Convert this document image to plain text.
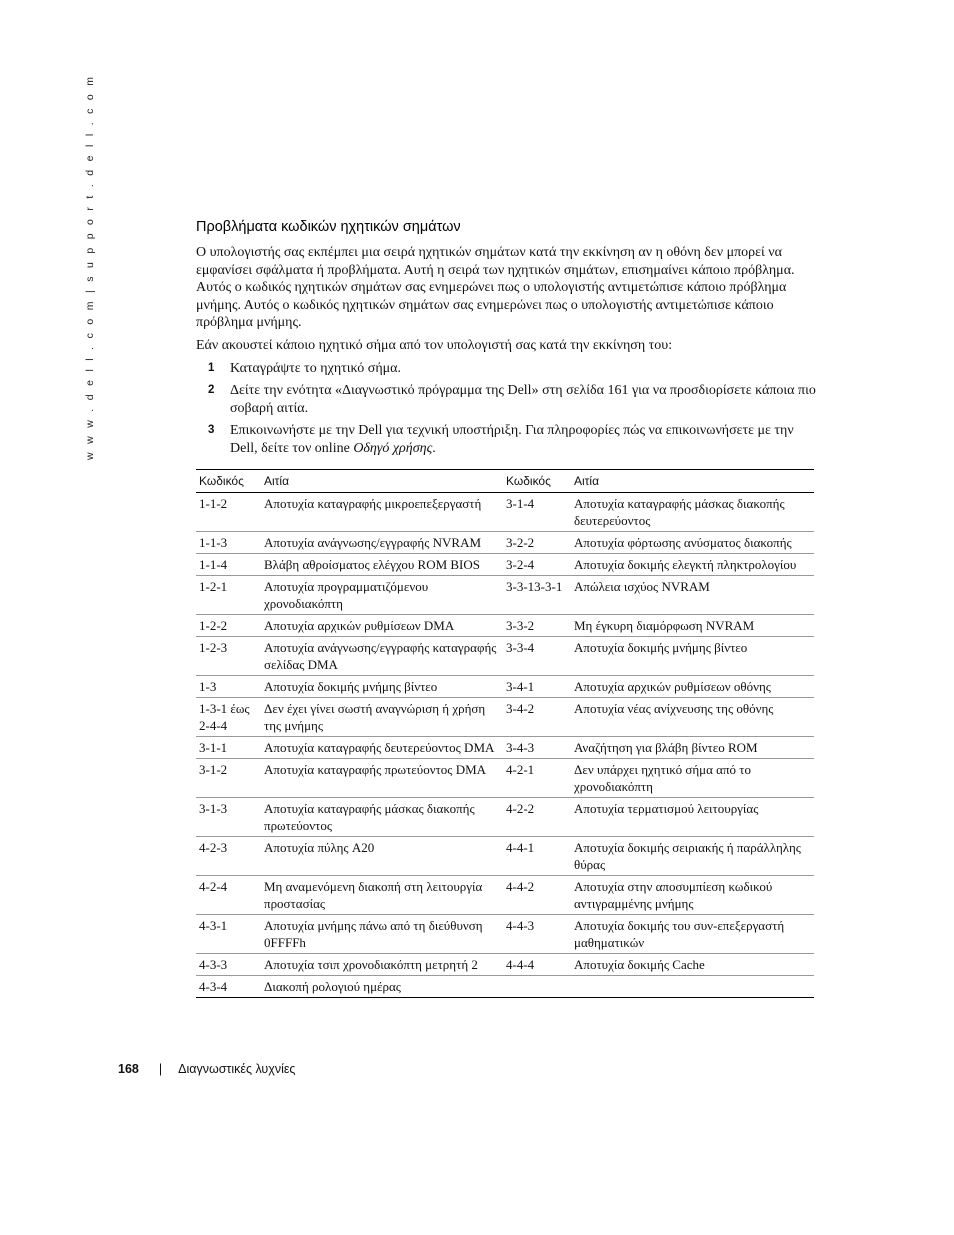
w w w . d e l l . c o m | s u p p o r t . d e l l . c o m	Προβλήματα κωδικών ηχητικών σημάτων

Ο υπολογιστής σας εκπέμπει μια σειρά ηχητικών σημάτων κατά την εκκίνηση αν η οθόνη δεν μπορεί να εμφανίσει σφάλματα ή προβλήματα. Αυτή η σειρά των ηχητικών σημάτων, επισημαίνει κάποιο πρόβλημα. Αυτός ο κωδικός ηχητικών σημάτων σας ενημερώνει πως ο υπολογιστής αντιμετώπισε κάποιο πρόβλημα μνήμης. Αυτός ο κωδικός ηχητικών σημάτων σας ενημερώνει πως ο υπολογιστής αντιμετώπισε κάποιο πρόβλημα μνήμης.

Εάν ακουστεί κάποιο ηχητικό σήμα από τον υπολογιστή σας κατά την εκκίνηση του:

1 Καταγράψτε το ηχητικό σήμα.
2 Δείτε την ενότητα «Διαγνωστικό πρόγραμμα της Dell» στη σελίδα 161 για να προσδιορίσετε κάποια πιο σοβαρή αιτία.
3 Επικοινωνήστε με την Dell για τεχνική υποστήριξη. Για πληροφορίες πώς να επικοινωνήσετε με την Dell, δείτε τον online Οδηγό χρήσης.
Κωδικός	Αιτία	Κωδικός	Αιτία
1-1-2	Αποτυχία καταγραφής μικροεπεξεργαστή	3-1-4	Αποτυχία καταγραφής μάσκας διακοπής δευτερεύοντος
1-1-3	Αποτυχία ανάγνωσης/εγγραφής NVRAM	3-2-2	Αποτυχία φόρτωσης ανύσματος διακοπής
1-1-4	Βλάβη αθροίσματος ελέγχου ROM BIOS	3-2-4	Αποτυχία δοκιμής ελεγκτή πληκτρολογίου
1-2-1	Αποτυχία προγραμματιζόμενου χρονοδιακόπτη	3-3-13-3-1	Απώλεια ισχύος NVRAM
1-2-2	Αποτυχία αρχικών ρυθμίσεων DMA	3-3-2	Μη έγκυρη διαμόρφωση NVRAM
1-2-3	Αποτυχία ανάγνωσης/εγγραφής καταγραφής σελίδας DMA	3-3-4	Αποτυχία δοκιμής μνήμης βίντεο
1-3	Αποτυχία δοκιμής μνήμης βίντεο	3-4-1	Αποτυχία αρχικών ρυθμίσεων οθόνης
1-3-1 έως 2-4-4	Δεν έχει γίνει σωστή αναγνώριση ή χρήση της μνήμης	3-4-2	Αποτυχία νέας ανίχνευσης της οθόνης
3-1-1	Αποτυχία καταγραφής δευτερεύοντος DMA	3-4-3	Αναζήτηση για βλάβη βίντεο ROM
3-1-2	Αποτυχία καταγραφής πρωτεύοντος DMA	4-2-1	Δεν υπάρχει ηχητικό σήμα από το χρονοδιακόπτη
3-1-3	Αποτυχία καταγραφής μάσκας διακοπής πρωτεύοντος	4-2-2	Αποτυχία τερματισμού λειτουργίας
4-2-3	Αποτυχία πύλης A20	4-4-1	Αποτυχία δοκιμής σειριακής ή παράλληλης θύρας
4-2-4	Μη αναμενόμενη διακοπή στη λειτουργία προστασίας	4-4-2	Αποτυχία στην αποσυμπίεση κωδικού αντιγραμμένης μνήμης
4-3-1	Αποτυχία μνήμης πάνω από τη διεύθυνση 0FFFFh	4-4-3	Αποτυχία δοκιμής του συν-επεξεργαστή μαθηματικών
4-3-3	Αποτυχία τσιπ χρονοδιακόπτη μετρητή 2	4-4-4	Αποτυχία δοκιμής Cache
4-3-4	Διακοπή ρολογιού ημέρας		
168 | Διαγνωστικές λυχνίες
